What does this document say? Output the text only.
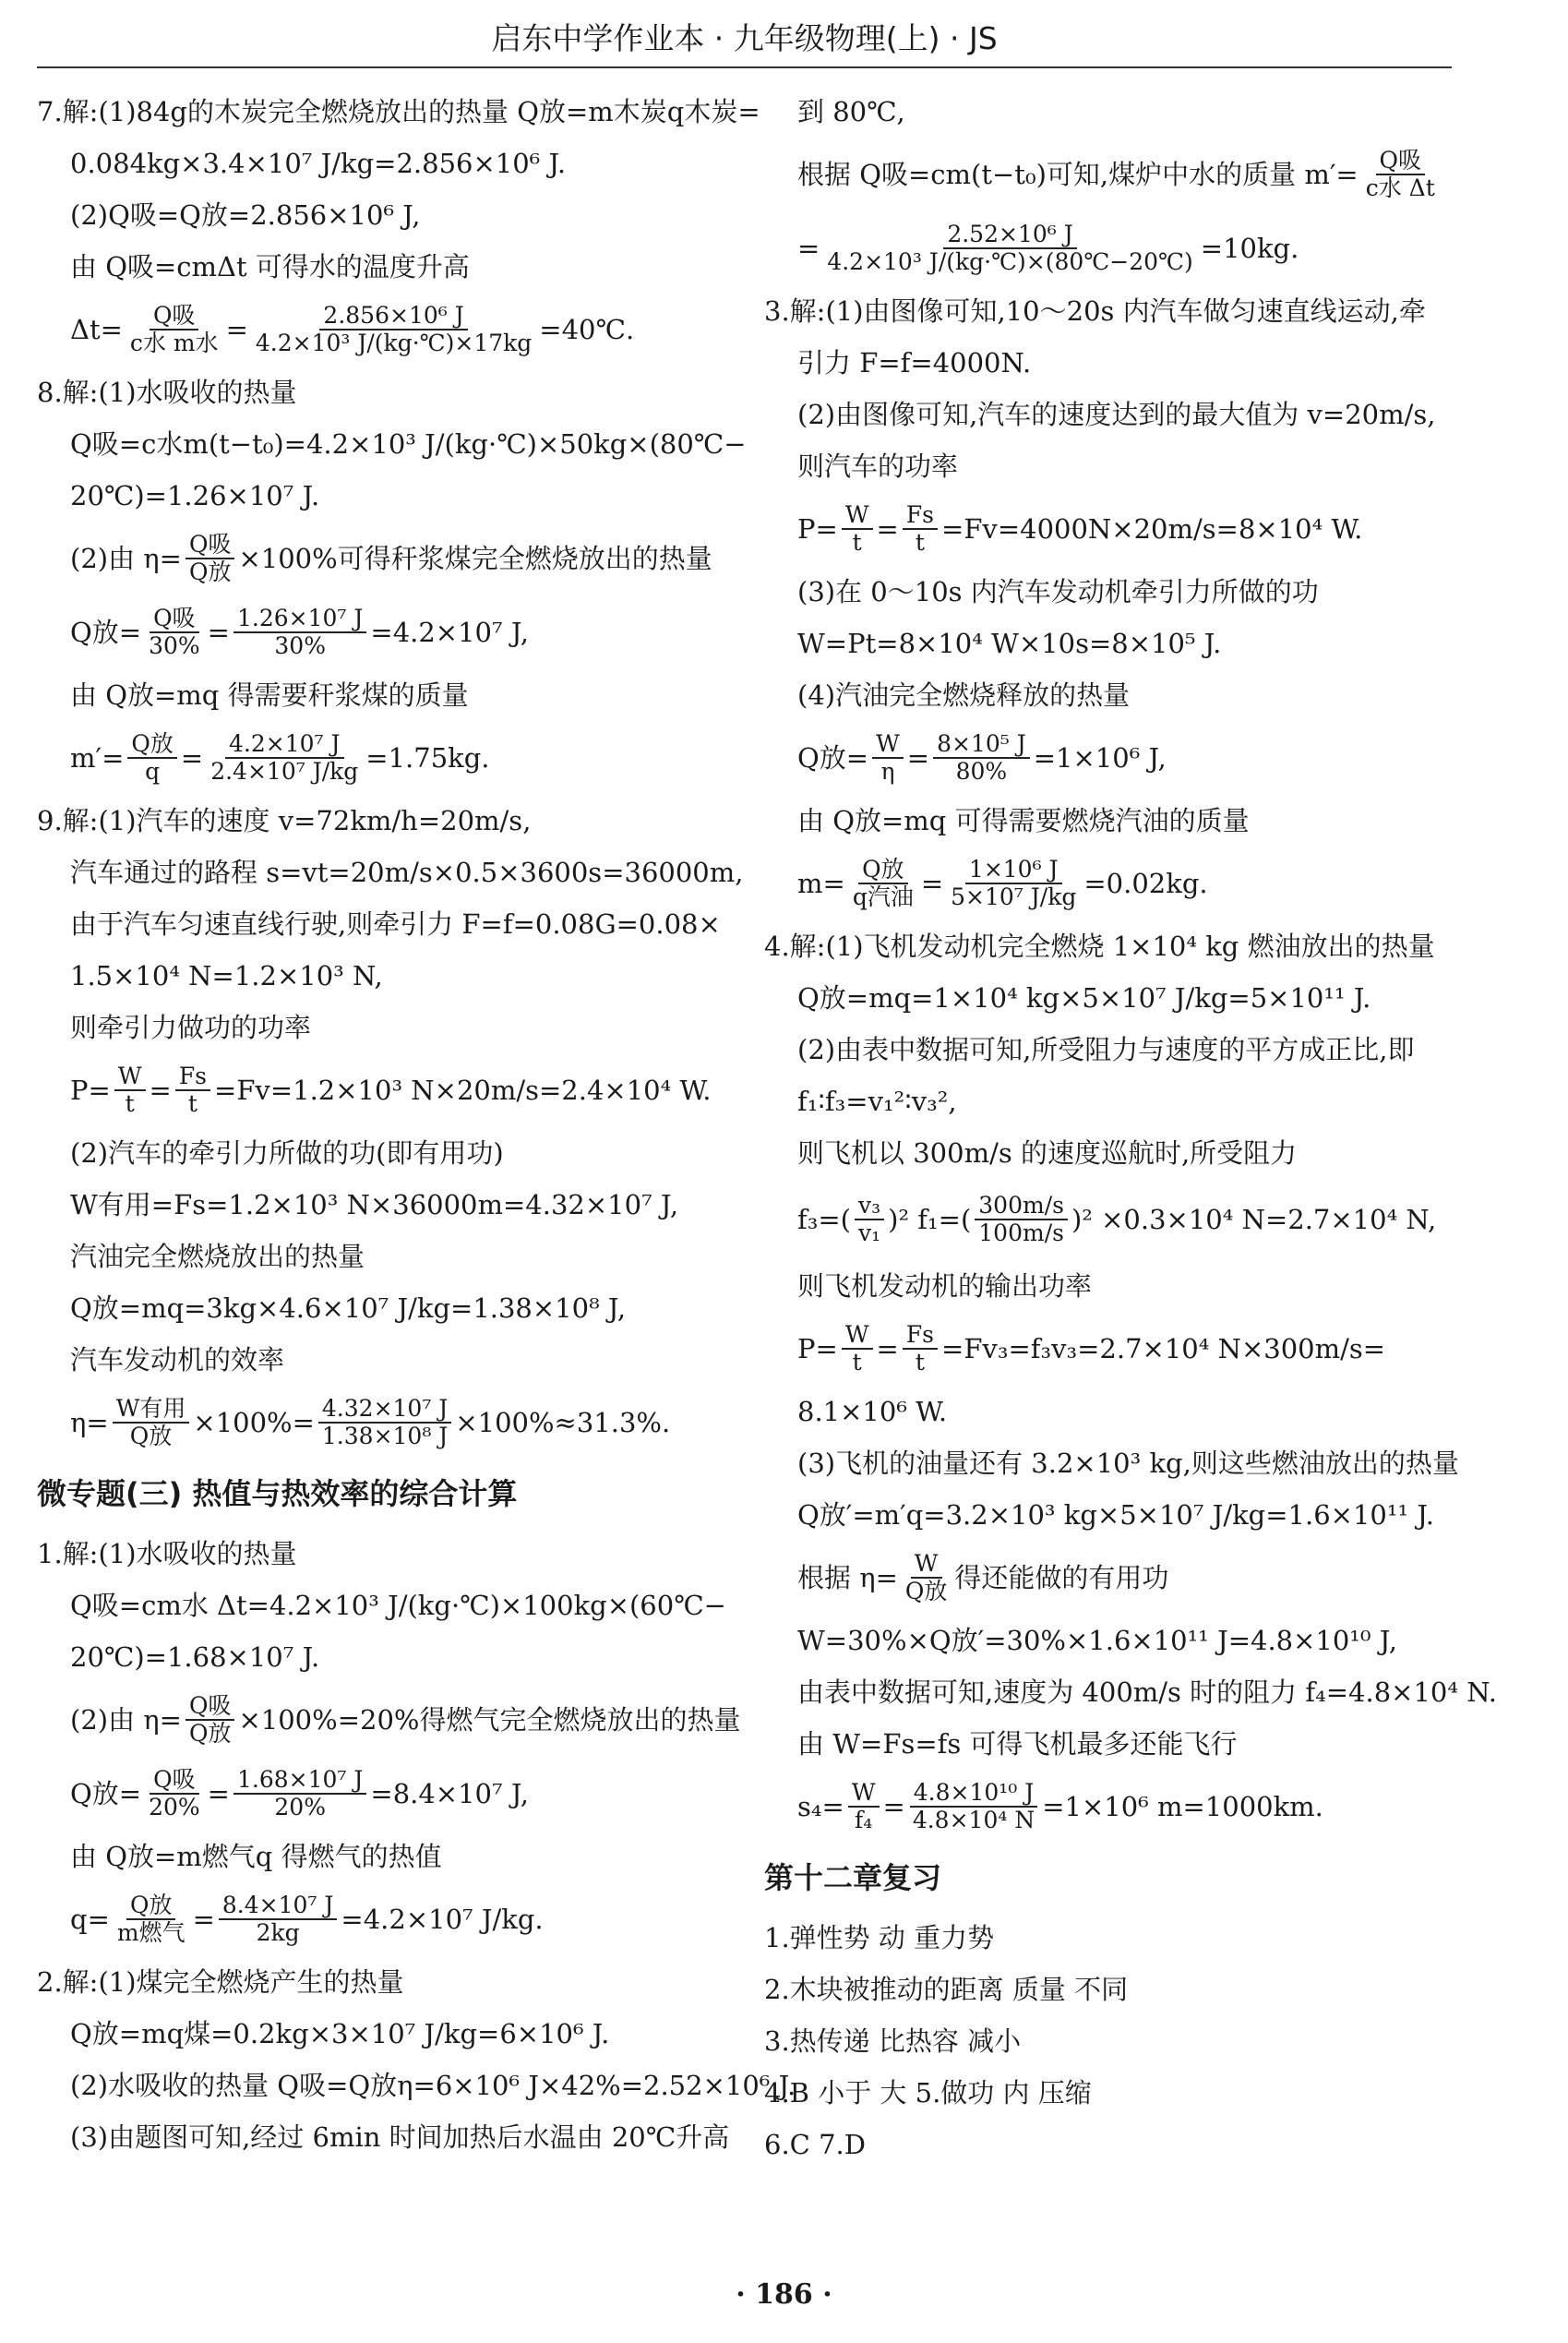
启东中学作业本 · 九年级物理(上) · JS
7.解:(1)84g的木炭完全燃烧放出的热量 Q放=m木炭q木炭=
0.084kg×3.4×10⁷ J/kg=2.856×10⁶ J.
(2)Q吸=Q放=2.856×10⁶ J,
由 Q吸=cmΔt 可得水的温度升高
$\Delta t= \frac{\text{Q吸}}{\text{c水 m水}} = \frac{\text{2.856×10⁶ J}}{\text{4.2×10³ J/(kg·℃)×17kg}}$ =40℃.
8.解:(1)水吸收的热量
Q吸=c水m(t−t₀)=4.2×10³ J/(kg·℃)×50kg×(80℃−
20℃)=1.26×10⁷ J.
(2)由 $\eta= \frac{\text{Q吸}}{\text{Q放}} \times 100\%$可得秆浆煤完全燃烧放出的热量
Q放= $\frac{\text{Q吸}}{30\%} = \frac{\text{1.26×10⁷ J}}{30\%} =4.2\times 10^7$ J,
由 Q放=mq 得需要秆浆煤的质量
$m'= \frac{\text{Q放}}{q} = \frac{\text{4.2×10⁷ J}}{\text{2.4×10⁷ J/kg}} =1.75kg$.
9.解:(1)汽车的速度 v=72km/h=20m/s,
汽车通过的路程 s=vt=20m/s×0.5×3600s=36000m,
由于汽车匀速直线行驶,则牵引力 F=f=0.08G=0.08×
1.5×10⁴ N=1.2×10³ N,
则牵引力做功的功率
$P= \frac{W}{t} = \frac{Fs}{t} =Fv=1.2\times 10^3$ N×20m/s=2.4×10⁴ W.
(2)汽车的牵引力所做的功(即有用功)
W有用=Fs=1.2×10³ N×36000m=4.32×10⁷ J,
汽油完全燃烧放出的热量
Q放=mq=3kg×4.6×10⁷ J/kg=1.38×10⁸ J,
汽车发动机的效率
$\eta= \frac{\text{W有用}}{\text{Q放}} \times 100\%= \frac{\text{4.32×10⁷ J}}{\text{1.38×10⁸ J}} \times 100\%\approx 31.3\%$.
微专题(三) 热值与热效率的综合计算
1.解:(1)水吸收的热量
Q吸=cm水 Δt=4.2×10³ J/(kg·℃)×100kg×(60℃−
20℃)=1.68×10⁷ J.
(2)由 $\eta= \frac{\text{Q吸}}{\text{Q放}} \times 100\%=20\%$得燃气完全燃烧放出的热量
Q放= $\frac{\text{Q吸}}{20\%} = \frac{\text{1.68×10⁷ J}}{20\%} =8.4\times 10^7$ J,
由 Q放=m燃气q 得燃气的热值
$q= \frac{\text{Q放}}{\text{m燃气}} = \frac{\text{8.4×10⁷ J}}{2kg} =4.2\times 10^7$ J/kg.
2.解:(1)煤完全燃烧产生的热量
Q放=mq煤=0.2kg×3×10⁷ J/kg=6×10⁶ J.
(2)水吸收的热量 Q吸=Q放η=6×10⁶ J×42%=2.52×10⁶ J.
(3)由题图可知,经过 6min 时间加热后水温由 20℃升高
到 80℃,
根据 Q吸=cm(t−t₀)可知,煤炉中水的质量 $m'= \frac{\text{Q吸}}{\text{c水 Δt}}$
= $\frac{\text{2.52×10⁶ J}}{\text{4.2×10³ J/(kg·℃)×(80℃−20℃)}} =10kg$.
3.解:(1)由图像可知,10～20s 内汽车做匀速直线运动,牵
引力 F=f=4000N.
(2)由图像可知,汽车的速度达到的最大值为 v=20m/s,
则汽车的功率
$P= \frac{W}{t} = \frac{Fs}{t} =Fv=4000N\times 20m/s=8\times 10^4$ W.
(3)在 0～10s 内汽车发动机牵引力所做的功
W=Pt=8×10⁴ W×10s=8×10⁵ J.
(4)汽油完全燃烧释放的热量
Q放= $\frac{W}{\eta} = \frac{\text{8×10⁵ J}}{80\%} =1\times 10^6$ J,
由 Q放=mq 可得需要燃烧汽油的质量
$m= \frac{\text{Q放}}{\text{q汽油}} = \frac{\text{1×10⁶ J}}{\text{5×10⁷ J/kg}} =0.02kg$.
4.解:(1)飞机发动机完全燃烧 1×10⁴ kg 燃油放出的热量
Q放=mq=1×10⁴ kg×5×10⁷ J/kg=5×10¹¹ J.
(2)由表中数据可知,所受阻力与速度的平方成正比,即
f₁∶f₃=v₁²∶v₃²,
则飞机以 300m/s 的速度巡航时,所受阻力
$f_3=( \frac{\text{v₃}}{\text{v₁}} )^2$ $f_1=( \frac{300m/s}{100m/s} )^2 \times 0.3\times 10^4$ N=2.7×10⁴ N,
则飞机发动机的输出功率
$P= \frac{W}{t} = \frac{Fs}{t} =Fv_3=f_3v_3=2.7\times 10^4$ N×300m/s=
8.1×10⁶ W.
(3)飞机的油量还有 3.2×10³ kg,则这些燃油放出的热量
Q放′=m′q=3.2×10³ kg×5×10⁷ J/kg=1.6×10¹¹ J.
根据 $\eta= \frac{W}{\text{Q放}}$ 得还能做的有用功
W=30%×Q放′=30%×1.6×10¹¹ J=4.8×10¹⁰ J,
由表中数据可知,速度为 400m/s 时的阻力 f₄=4.8×10⁴ N.
由 W=Fs=fs 可得飞机最多还能飞行
$s_4= \frac{W}{\text{f₄}} = \frac{\text{4.8×10¹⁰ J}}{\text{4.8×10⁴ N}} =1\times 10^6$ m=1000km.
第十二章复习
1.弹性势 动 重力势
2.木块被推动的距离 质量 不同
3.热传递 比热容 减小
4.B 小于 大 5.做功 内 压缩
6.C 7.D
· 186 ·
